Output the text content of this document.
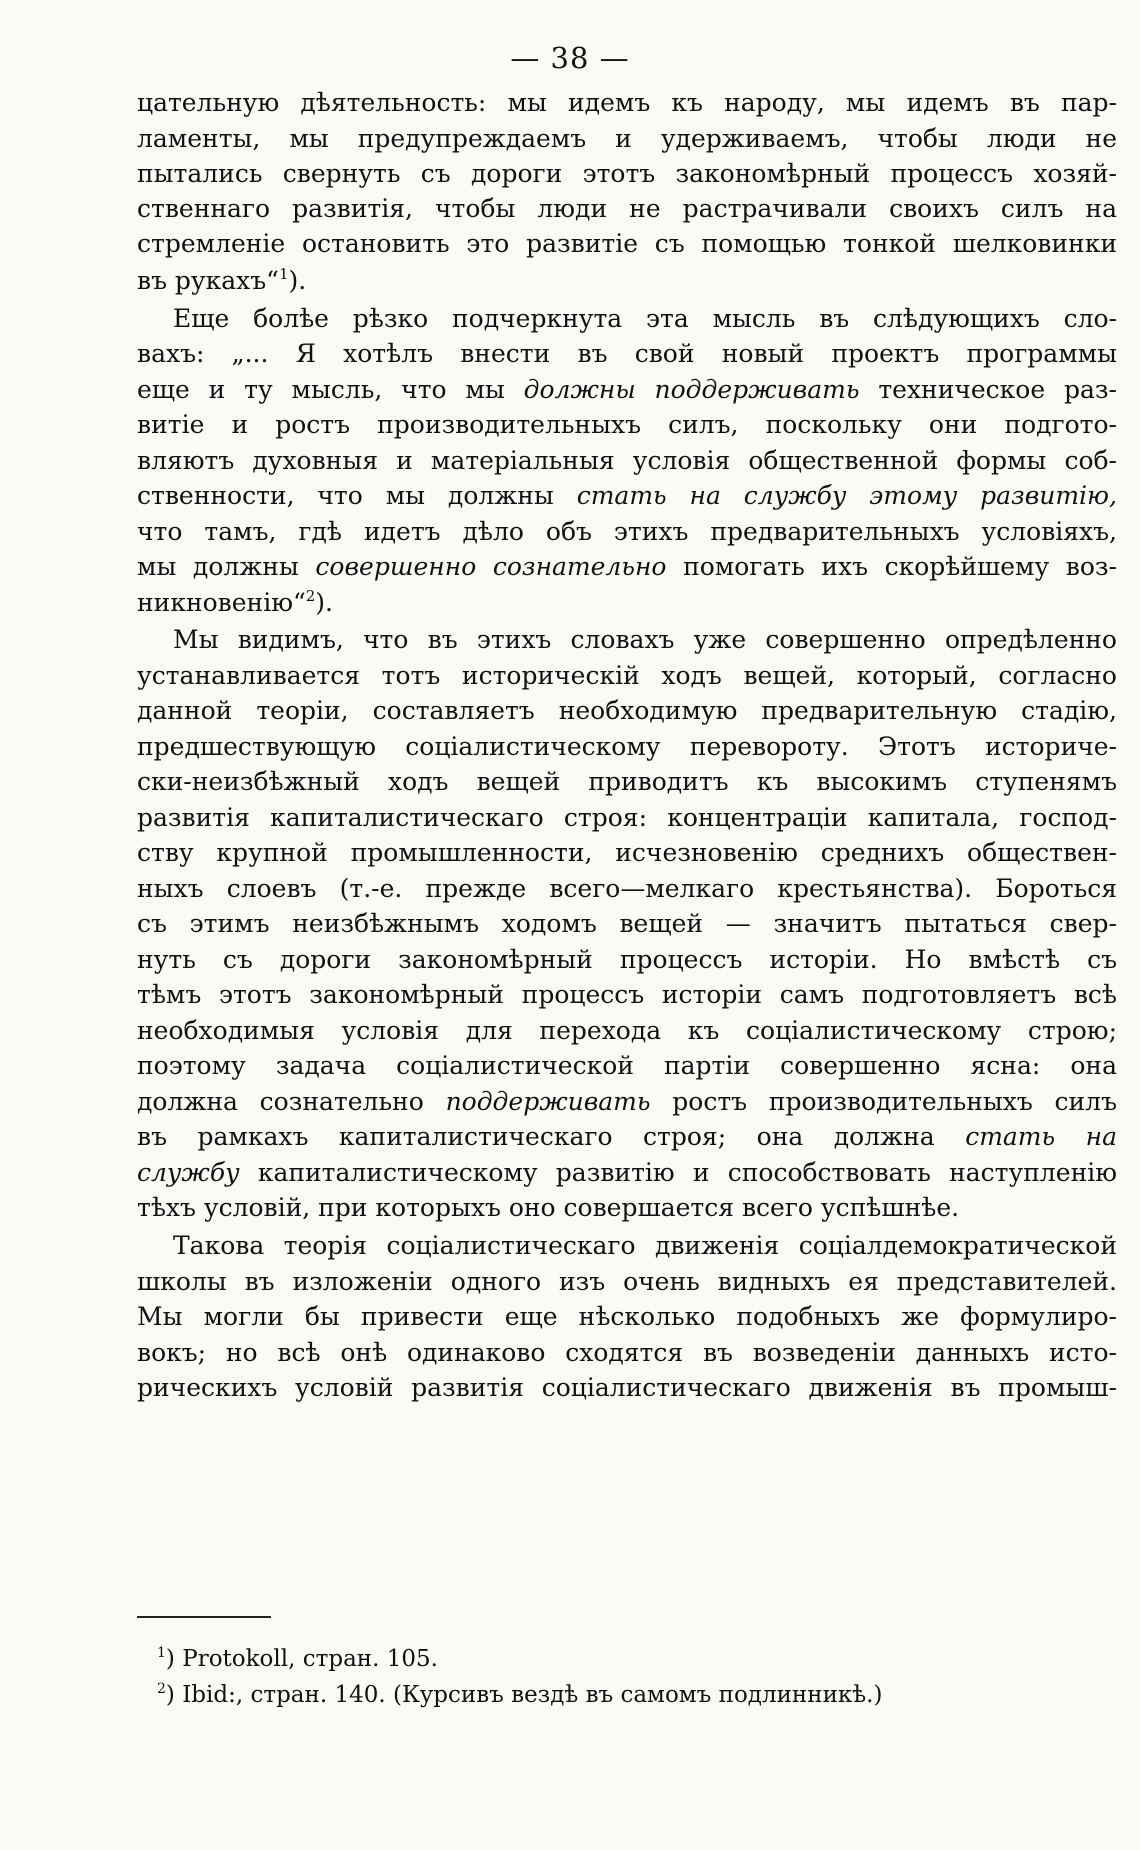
— 38 —
цательную дѣятельность: мы идемъ къ народу, мы идемъ въ пар-
ламенты, мы предупреждаемъ и удерживаемъ, чтобы люди не
пытались свернуть съ дороги этотъ закономѣрный процессъ хозяй-
ственнаго развитія, чтобы люди не растрачивали своихъ силъ на
стремленіе остановить это развитіе съ помощью тонкой шелковинки
въ рукахъ“$^1$).
Еще болѣе рѣзко подчеркнута эта мысль въ слѣдующихъ сло-
вахъ: „... Я хотѣлъ внести въ свой новый проектъ программы
еще и ту мысль, что мы должны поддерживать техническое раз-
витіе и ростъ производительныхъ силъ, поскольку они подгото-
вляютъ духовныя и матеріальныя условія общественной формы соб-
ственности, что мы должны стать на службу этому развитію,
что тамъ, гдѣ идетъ дѣло объ этихъ предварительныхъ условіяхъ,
мы должны совершенно сознательно помогать ихъ скорѣйшему воз-
никновенію“$^2$).
Мы видимъ, что въ этихъ словахъ уже совершенно опредѣленно
устанавливается тотъ историческій ходъ вещей, который, согласно
данной теоріи, составляетъ необходимую предварительную стадію,
предшествующую соціалистическому перевороту. Этотъ историче-
ски-неизбѣжный ходъ вещей приводитъ къ высокимъ ступенямъ
развитія капиталистическаго строя: концентраціи капитала, господ-
ству крупной промышленности, исчезновенію среднихъ обществен-
ныхъ слоевъ (т.-е. прежде всего—мелкаго крестьянства). Бороться
съ этимъ неизбѣжнымъ ходомъ вещей — значитъ пытаться свер-
нуть съ дороги закономѣрный процессъ исторіи. Но вмѣстѣ съ
тѣмъ этотъ закономѣрный процессъ исторіи самъ подготовляетъ всѣ
необходимыя условія для перехода къ соціалистическому строю;
поэтому задача соціалистической партіи совершенно ясна: она
должна сознательно поддерживать ростъ производительныхъ силъ
въ рамкахъ капиталистическаго строя; она должна стать на
службу капиталистическому развитію и способствовать наступленію
тѣхъ условій, при которыхъ оно совершается всего успѣшнѣе.
Такова теорія соціалистическаго движенія соціалдемократической
школы въ изложеніи одного изъ очень видныхъ ея представителей.
Мы могли бы привести еще нѣсколько подобныхъ же формулиро-
вокъ; но всѣ онѣ одинаково сходятся въ возведеніи данныхъ исто-
рическихъ условій развитія соціалистическаго движенія въ промыш-
$^1$) Protokoll, стран. 105.
$^2$) Ibid:, стран. 140. (Курсивъ вездѣ въ самомъ подлинникѣ.)
